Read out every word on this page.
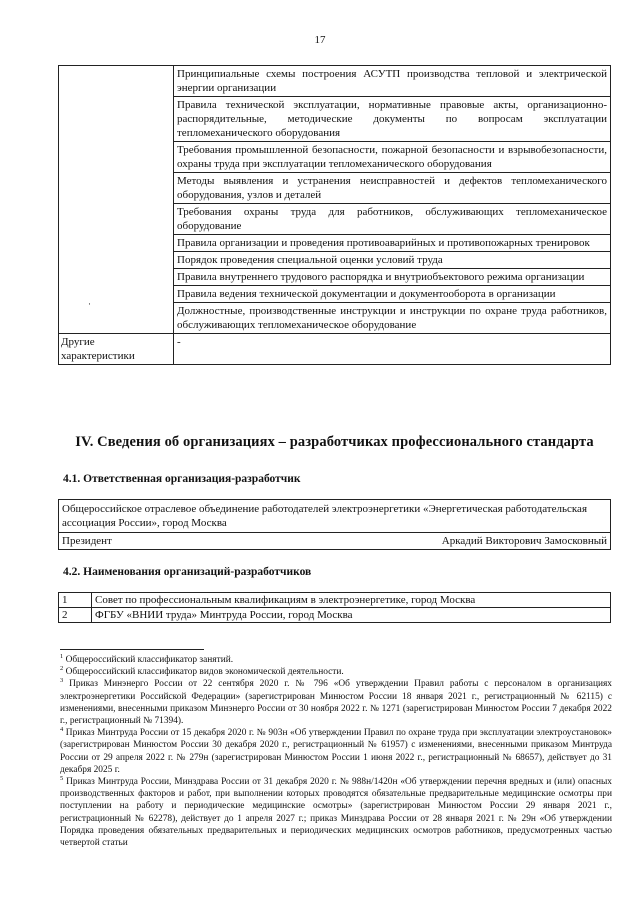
17
	Принципиальные схемы построения АСУТП производства тепловой и электрической энергии организации
	Правила технической эксплуатации, нормативные правовые акты, организационно-распорядительные, методические документы по вопросам эксплуатации тепломеханического оборудования
	Требования промышленной безопасности, пожарной безопасности и взрывобезопасности, охраны труда при эксплуатации тепломеханического оборудования
	Методы выявления и устранения неисправностей и дефектов тепломеханического оборудования, узлов и деталей
	Требования охраны труда для работников, обслуживающих тепломеханическое оборудование
	Правила организации и проведения противоаварийных и противопожарных тренировок
	Порядок проведения специальной оценки условий труда
	Правила внутреннего трудового распорядка и внутриобъектового режима организации
	Правила ведения технической документации и документооборота в организации
	Должностные, производственные инструкции и инструкции по охране труда работников, обслуживающих тепломеханическое оборудование
Другие характеристики	-
·
IV. Сведения об организациях – разработчиках профессионального стандарта
4.1. Ответственная организация-разработчик
Общероссийское отраслевое объединение работодателей электроэнергетики «Энергетическая работодательская ассоциация России», город Москва
Президент	Аркадий Викторович Замосковный
4.2. Наименования организаций-разработчиков
1	Совет по профессиональным квалификациям в электроэнергетике, город Москва
2	ФГБУ «ВНИИ труда» Минтруда России, город Москва

$^1$ Общероссийский классификатор занятий.

$^2$ Общероссийский классификатор видов экономической деятельности.

$^3$ Приказ Минэнерго России от 22 сентября 2020 г. № 796 «Об утверждении Правил работы с персоналом в организациях электроэнергетики Российской Федерации» (зарегистрирован Минюстом России 18 января 2021 г., регистрационный № 62115) с изменениями, внесенными приказом Минэнерго России от 30 ноября 2022 г. № 1271 (зарегистрирован Минюстом России 7 декабря 2022 г., регистрационный № 71394).

$^4$ Приказ Минтруда России от 15 декабря 2020 г. № 903н «Об утверждении Правил по охране труда при эксплуатации электроустановок» (зарегистрирован Минюстом России 30 декабря 2020 г., регистрационный № 61957) с изменениями, внесенными приказом Минтруда России от 29 апреля 2022 г. № 279н (зарегистрирован Минюстом России 1 июня 2022 г., регистрационный № 68657), действует до 31 декабря 2025 г.

$^5$ Приказ Минтруда России, Минздрава России от 31 декабря 2020 г. № 988н/1420н «Об утверждении перечня вредных и (или) опасных производственных факторов и работ, при выполнении которых проводятся обязательные предварительные медицинские осмотры при поступлении на работу и периодические медицинские осмотры» (зарегистрирован Минюстом России 29 января 2021 г., регистрационный № 62278), действует до 1 апреля 2027 г.; приказ Минздрава России от 28 января 2021 г. № 29н «Об утверждении Порядка проведения обязательных предварительных и периодических медицинских осмотров работников, предусмотренных частью четвертой статьи
